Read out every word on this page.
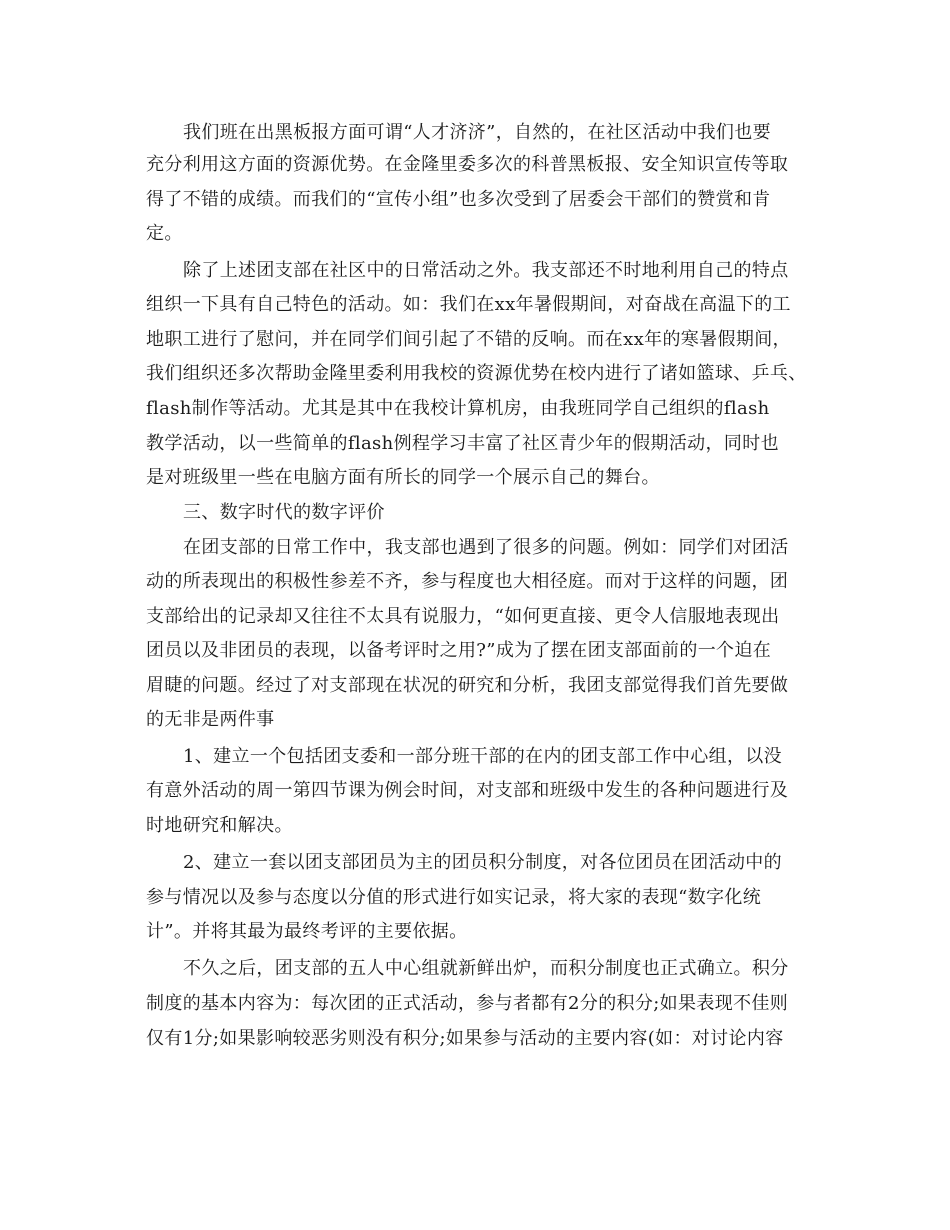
我们班在出黑板报方面可谓“人才济济”，自然的，在社区活动中我们也要
充分利用这方面的资源优势。在金隆里委多次的科普黑板报、安全知识宣传等取
得了不错的成绩。而我们的“宣传小组”也多次受到了居委会干部们的赞赏和肯
定。
除了上述团支部在社区中的日常活动之外。我支部还不时地利用自己的特点
组织一下具有自己特色的活动。如：我们在xx年暑假期间，对奋战在高温下的工
地职工进行了慰问，并在同学们间引起了不错的反响。而在xx年的寒暑假期间，
我们组织还多次帮助金隆里委利用我校的资源优势在校内进行了诸如篮球、乒乓、
flash制作等活动。尤其是其中在我校计算机房，由我班同学自己组织的flash
教学活动，以一些简单的flash例程学习丰富了社区青少年的假期活动，同时也
是对班级里一些在电脑方面有所长的同学一个展示自己的舞台。
三、数字时代的数字评价
在团支部的日常工作中，我支部也遇到了很多的问题。例如：同学们对团活
动的所表现出的积极性参差不齐，参与程度也大相径庭。而对于这样的问题，团
支部给出的记录却又往往不太具有说服力，“如何更直接、更令人信服地表现出
团员以及非团员的表现，以备考评时之用?”成为了摆在团支部面前的一个迫在
眉睫的问题。经过了对支部现在状况的研究和分析，我团支部觉得我们首先要做
的无非是两件事
1、建立一个包括团支委和一部分班干部的在内的团支部工作中心组，以没
有意外活动的周一第四节课为例会时间，对支部和班级中发生的各种问题进行及
时地研究和解决。
2、建立一套以团支部团员为主的团员积分制度，对各位团员在团活动中的
参与情况以及参与态度以分值的形式进行如实记录，将大家的表现“数字化统
计”。并将其最为最终考评的主要依据。
不久之后，团支部的五人中心组就新鲜出炉，而积分制度也正式确立。积分
制度的基本内容为：每次团的正式活动，参与者都有2分的积分;如果表现不佳则
仅有1分;如果影响较恶劣则没有积分;如果参与活动的主要内容(如：对讨论内容
